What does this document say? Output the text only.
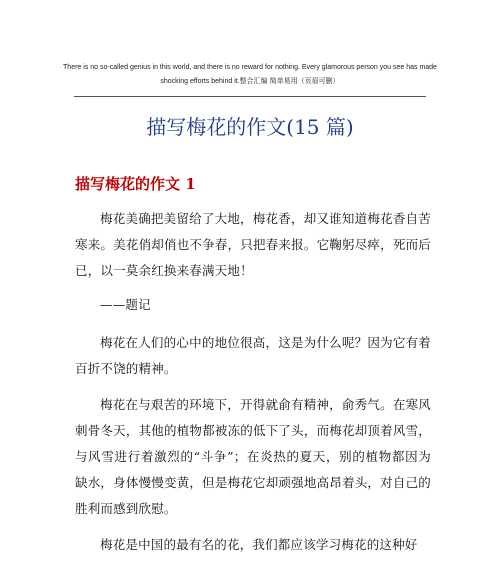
There is no so-called genius in this world, and there is no reward for nothing. Every glamorous person you see has made shocking efforts behind it.整合汇编 简单易用（页眉可删）
描写梅花的作文(15 篇)
描写梅花的作文 1

梅花美确把美留给了大地，梅花香，却又谁知道梅花香自苦寒来。美花俏却俏也不争春，只把春来报。它鞠躬尽瘁，死而后已，以一莫余红换来春满天地！

——题记

梅花在人们的心中的地位很高，这是为什么呢？因为它有着百折不饶的精神。

梅花在与艰苦的环境下，开得就俞有精神，俞秀气。在寒风刺骨冬天，其他的植物都被冻的低下了头，而梅花却顶着风雪，与风雪进行着激烈的“斗争”；在炎热的夏天，别的植物都因为缺水，身体慢慢变黄，但是梅花它却顽强地高昂着头，对自己的胜利而感到欣慰。

梅花是中国的最有名的花，我们都应该学习梅花的这种好
